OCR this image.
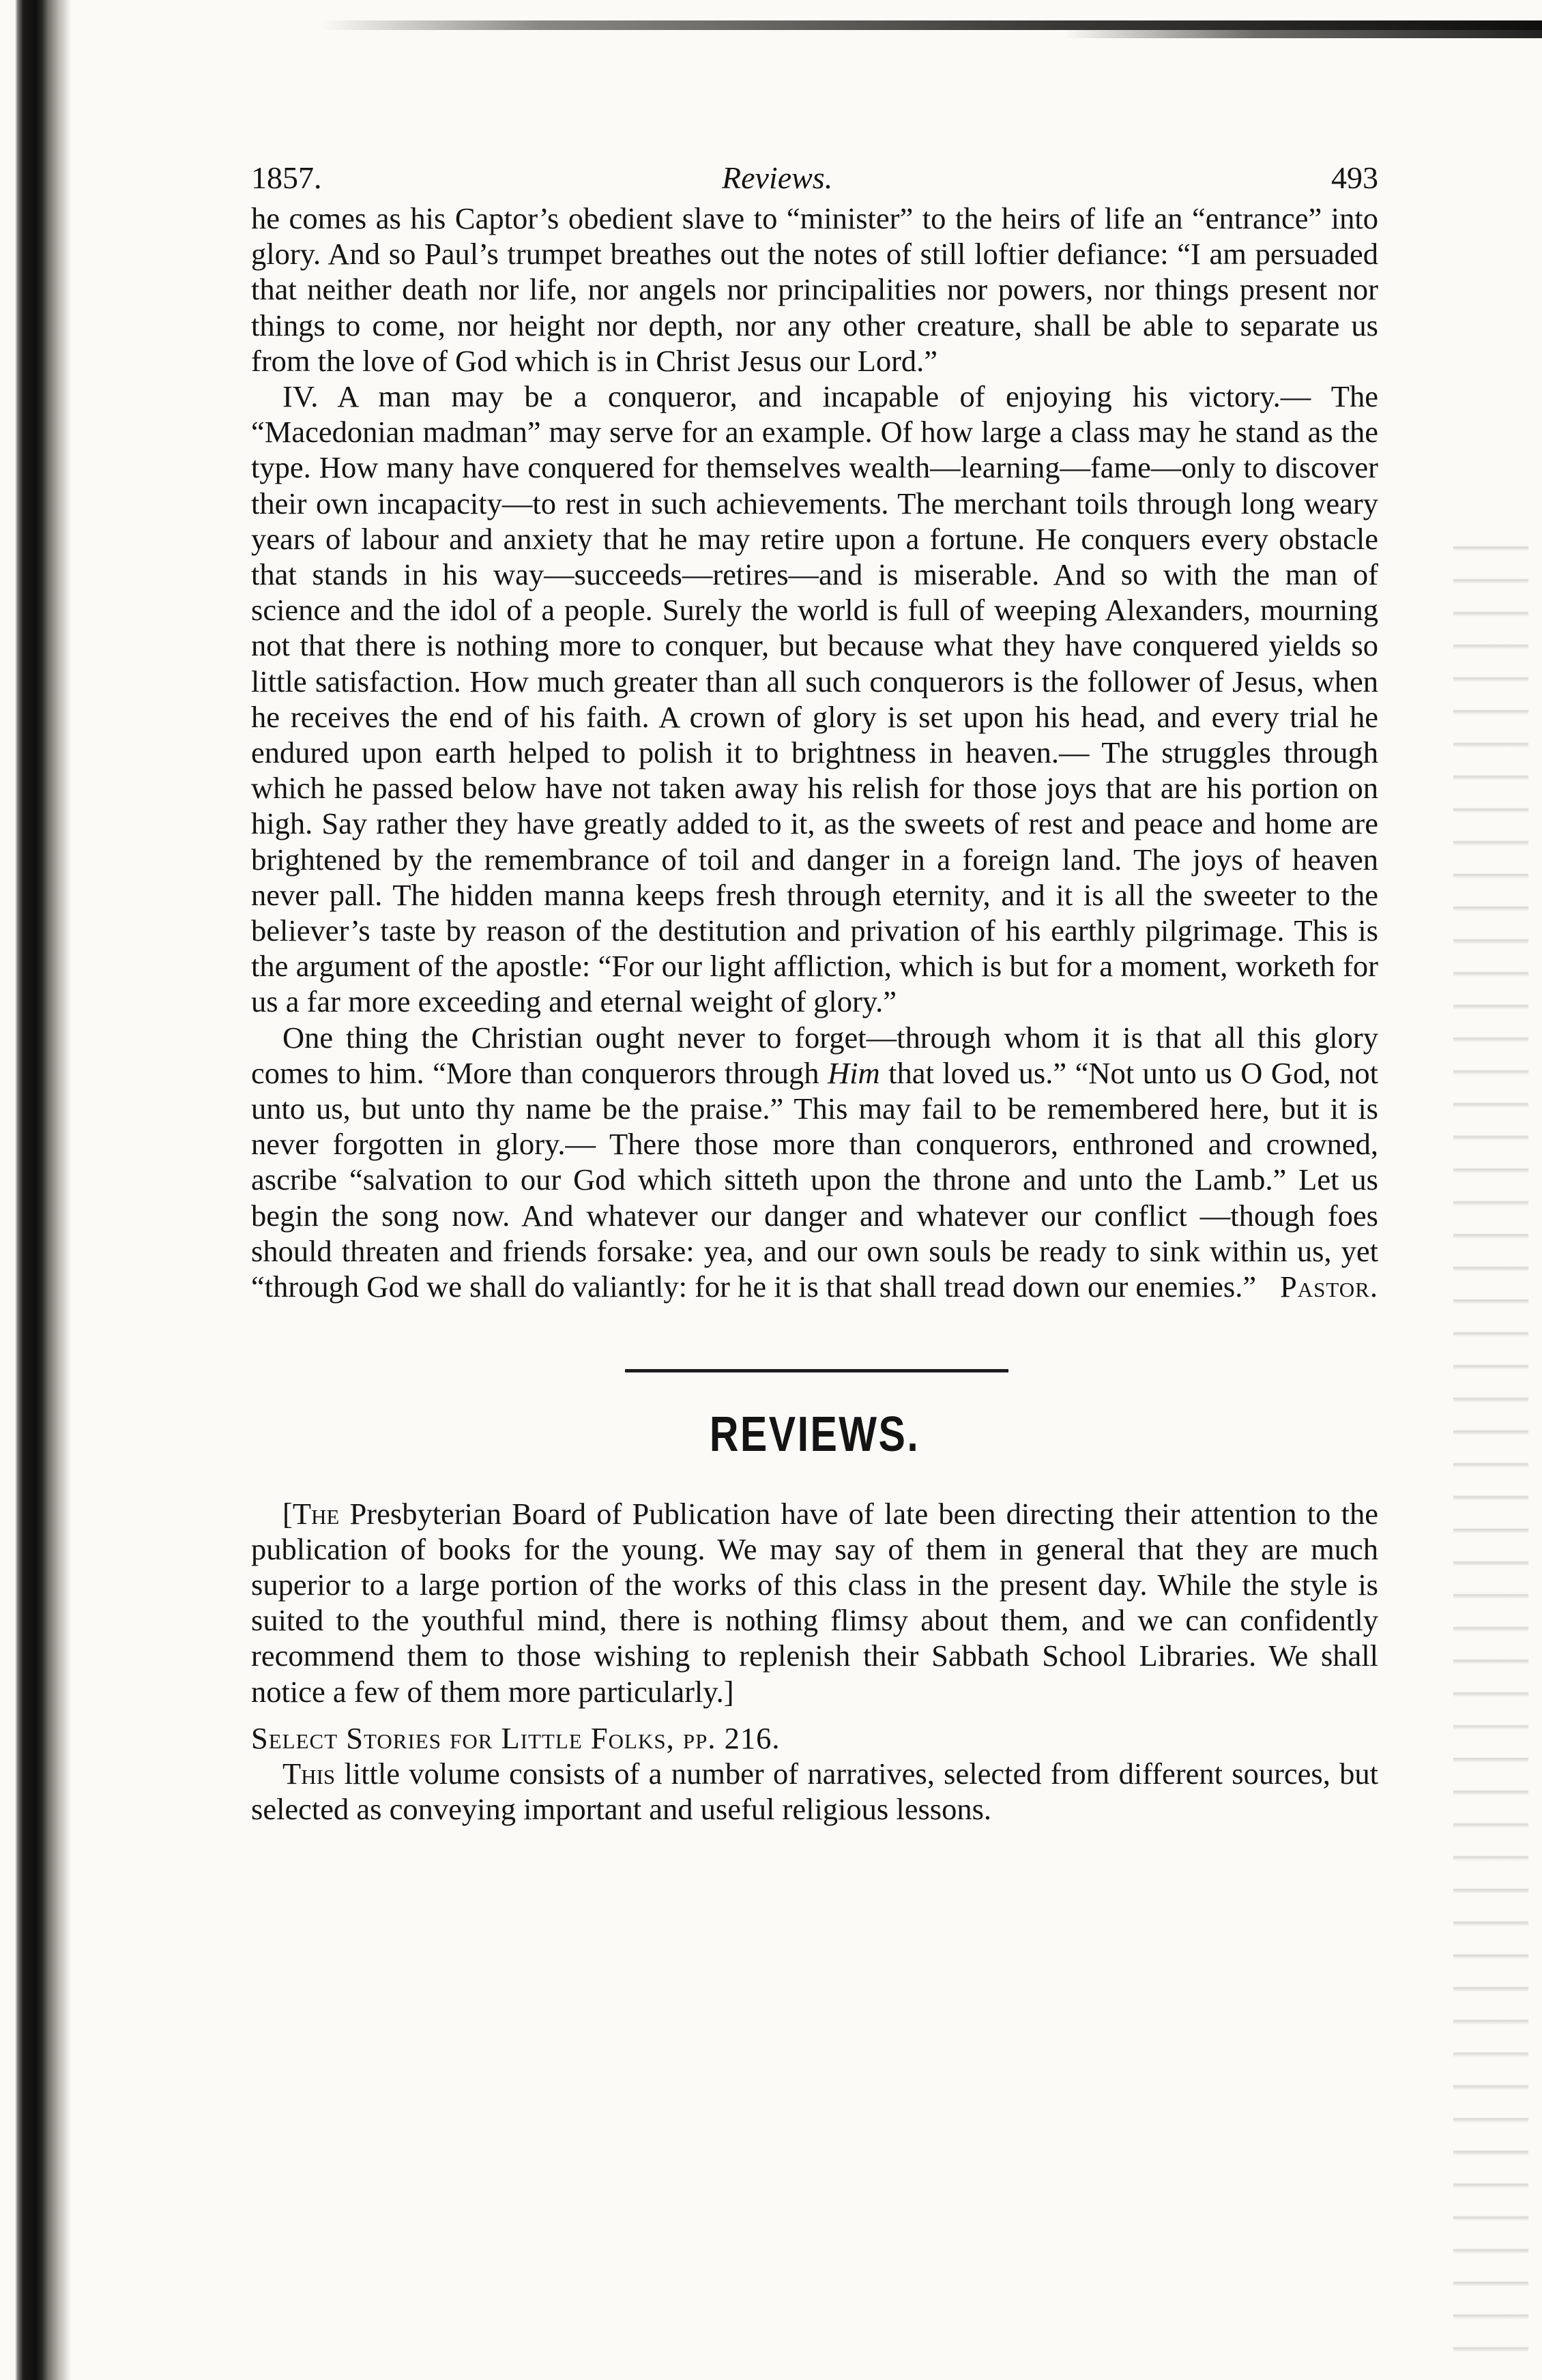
1857.	Reviews.	493

he comes as his Captor’s obedient slave to “minister” to the heirs of life an “entrance” into glory. And so Paul’s trumpet breathes out the notes of still loftier defiance: “I am persuaded that neither death nor life, nor angels nor principalities nor powers, nor things present nor things to come, nor height nor depth, nor any other creature, shall be able to separate us from the love of God which is in Christ Jesus our Lord.”

IV. A man may be a conqueror, and incapable of enjoying his victory.— The “Macedonian madman” may serve for an example. Of how large a class may he stand as the type. How many have conquered for themselves wealth—learning—fame—only to discover their own incapacity—to rest in such achievements. The merchant toils through long weary years of labour and anxiety that he may retire upon a fortune. He conquers every obstacle that stands in his way—succeeds—retires—and is miserable. And so with the man of science and the idol of a people. Surely the world is full of weeping Alexanders, mourning not that there is nothing more to conquer, but because what they have conquered yields so little satisfaction. How much greater than all such conquerors is the follower of Jesus, when he receives the end of his faith. A crown of glory is set upon his head, and every trial he endured upon earth helped to polish it to brightness in heaven.— The struggles through which he passed below have not taken away his relish for those joys that are his portion on high. Say rather they have greatly added to it, as the sweets of rest and peace and home are brightened by the remembrance of toil and danger in a foreign land. The joys of heaven never pall. The hidden manna keeps fresh through eternity, and it is all the sweeter to the believer’s taste by reason of the destitution and privation of his earthly pilgrimage. This is the argument of the apostle: “For our light affliction, which is but for a moment, worketh for us a far more exceeding and eternal weight of glory.”

One thing the Christian ought never to forget—through whom it is that all this glory comes to him. “More than conquerors through Him that loved us.” “Not unto us O God, not unto us, but unto thy name be the praise.” This may fail to be remembered here, but it is never forgotten in glory.— There those more than conquerors, enthroned and crowned, ascribe “salvation to our God which sitteth upon the throne and unto the Lamb.” Let us begin the song now. And whatever our danger and whatever our conflict —though foes should threaten and friends forsake: yea, and our own souls be ready to sink within us, yet “through God we shall do valiantly: for he it is that shall tread down our enemies.” Pastor.
REVIEWS.

[The Presbyterian Board of Publication have of late been directing their attention to the publication of books for the young. We may say of them in general that they are much superior to a large portion of the works of this class in the present day. While the style is suited to the youthful mind, there is nothing flimsy about them, and we can confidently recommend them to those wishing to replenish their Sabbath School Libraries. We shall notice a few of them more particularly.]

Select Stories for Little Folks, pp. 216.

This little volume consists of a number of narratives, selected from different sources, but selected as conveying important and useful religious lessons.
